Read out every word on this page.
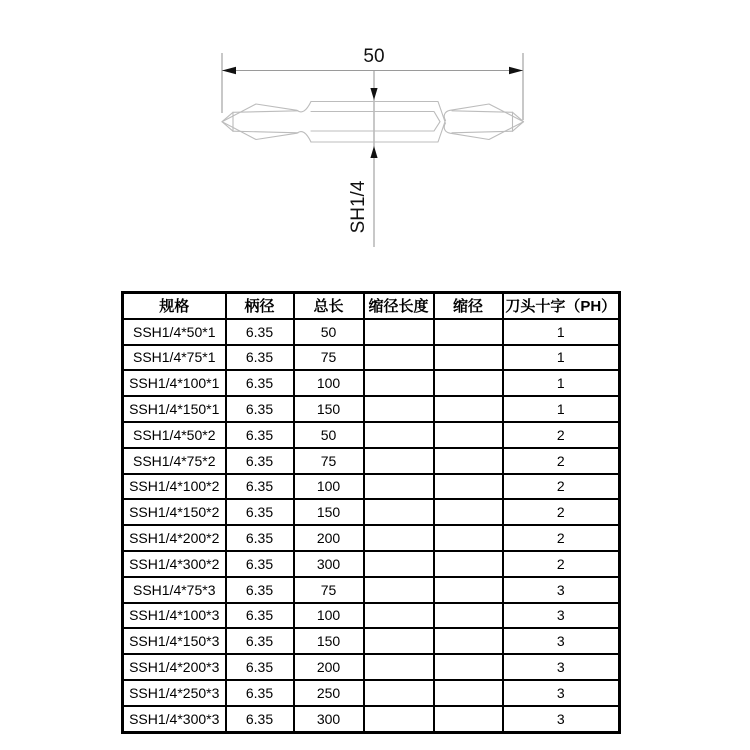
50
SH1/4
规格	柄径	总长	缩径长度	缩径	刀头十字（PH）
SSH1/4*50*1	6.35	50			1
SSH1/4*75*1	6.35	75			1
SSH1/4*100*1	6.35	100			1
SSH1/4*150*1	6.35	150			1
SSH1/4*50*2	6.35	50			2
SSH1/4*75*2	6.35	75			2
SSH1/4*100*2	6.35	100			2
SSH1/4*150*2	6.35	150			2
SSH1/4*200*2	6.35	200			2
SSH1/4*300*2	6.35	300			2
SSH1/4*75*3	6.35	75			3
SSH1/4*100*3	6.35	100			3
SSH1/4*150*3	6.35	150			3
SSH1/4*200*3	6.35	200			3
SSH1/4*250*3	6.35	250			3
SSH1/4*300*3	6.35	300			3
